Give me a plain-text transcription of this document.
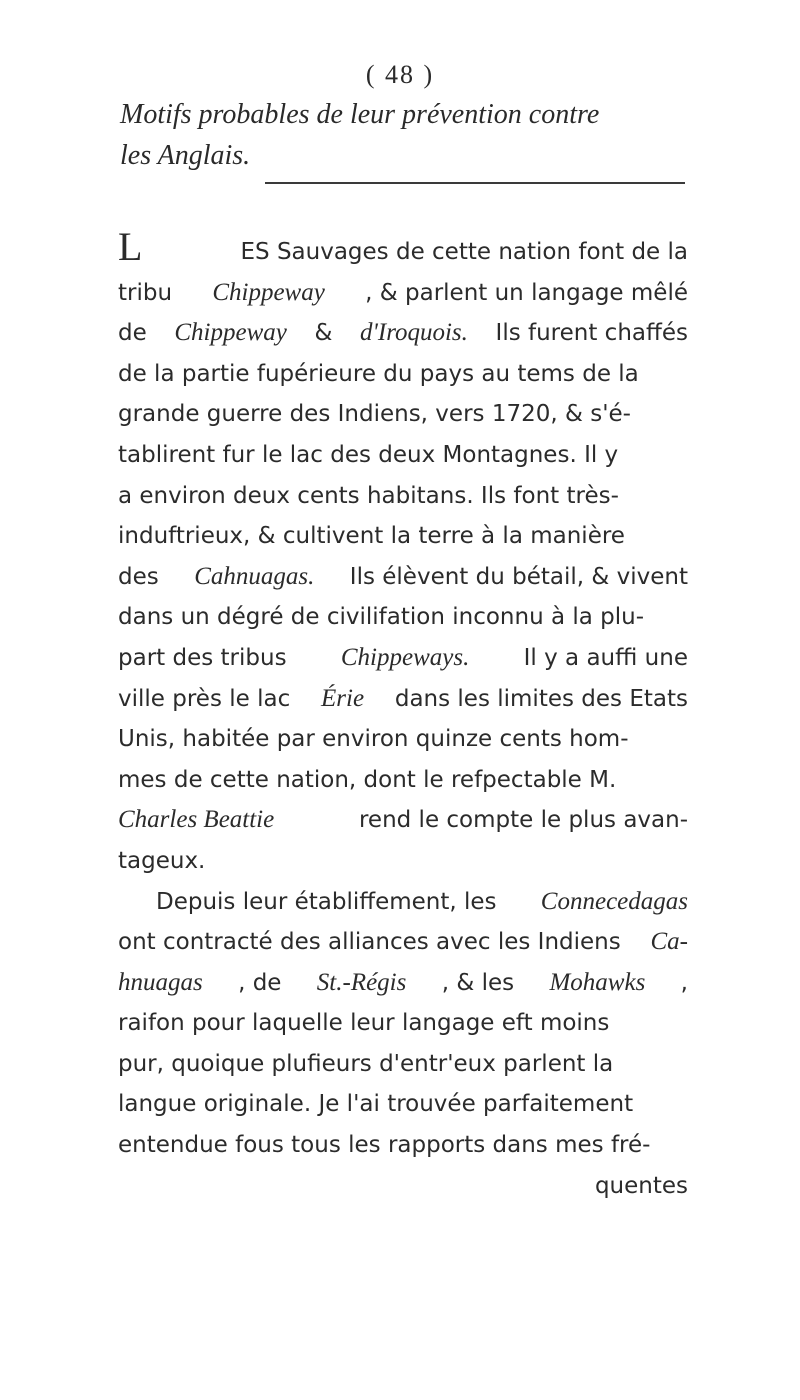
( 48 )
Motifs probables de leur prévention contre
les Anglais.
L	ES Sauvages de cette nation font de la
tribu Chippeway , & parlent un langage mêlé
de Chippeway & d'Iroquois. Ils furent chaffés
de la partie fupérieure du pays au tems de la
grande guerre des Indiens, vers 1720, & s'é-
tablirent fur le lac des deux Montagnes. Il y
a environ deux cents habitans. Ils font très-
induftrieux, & cultivent la terre à la manière
des Cahnuagas. Ils élèvent du bétail, & vivent
dans un dégré de civilifation inconnu à la plu-
part des tribus Chippeways. Il y a auffi une
ville près le lac Érie dans les limites des Etats
Unis, habitée par environ quinze cents hom-
mes de cette nation, dont le refpectable M.
Charles Beattie	rend le compte le plus avan-
tageux.
Depuis leur établiffement, les Connecedagas
ont contracté des alliances avec les Indiens Ca-
hnuagas , de St.-Régis , & les Mohawks ,
raifon pour laquelle leur langage eft moins
pur, quoique plufieurs d'entr'eux parlent la
langue originale. Je l'ai trouvée parfaitement
entendue fous tous les rapports dans mes fré-
quentes
